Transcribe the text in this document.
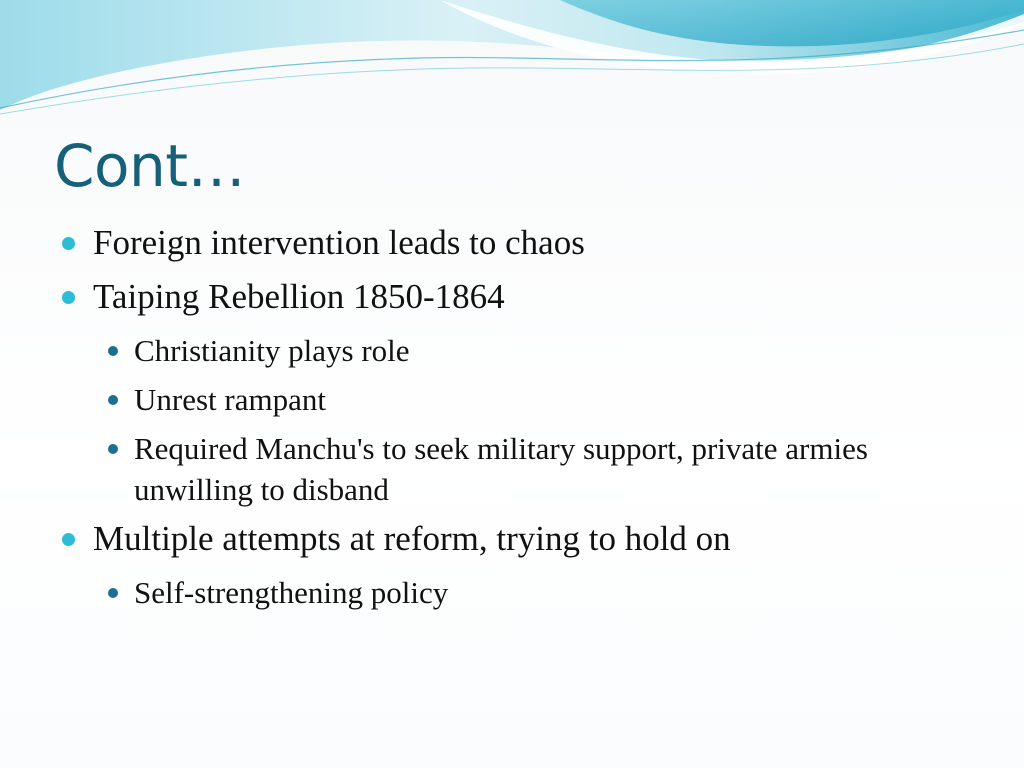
Cont…
Foreign intervention leads to chaos
Taiping Rebellion 1850-1864
Christianity plays role
Unrest rampant
Required Manchu's to seek military support, private armies unwilling to disband
Multiple attempts at reform, trying to hold on
Self-strengthening policy
